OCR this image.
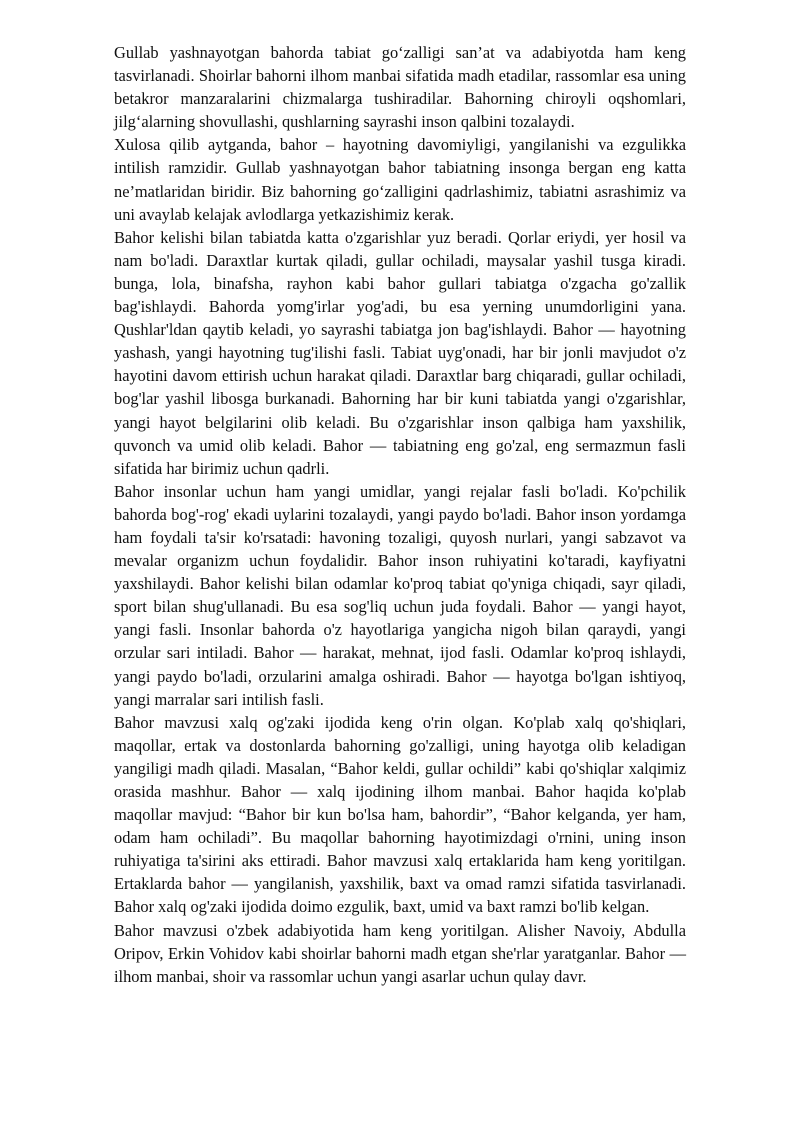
Gullab yashnayotgan bahorda tabiat go‘zalligi san’at va adabiyotda ham keng tasvirlanadi. Shoirlar bahorni ilhom manbai sifatida madh etadilar, rassomlar esa uning betakror manzaralarini chizmalarga tushiradilar. Bahorning chiroyli oqshomlari, jilg‘alarning shovullashi, qushlarning sayrashi inson qalbini tozalaydi.

Xulosa qilib aytganda, bahor – hayotning davomiyligi, yangilanishi va ezgulikka intilish ramzidir. Gullab yashnayotgan bahor tabiatning insonga bergan eng katta ne’matlaridan biridir. Biz bahorning go‘zalligini qadrlashimiz, tabiatni asrashimiz va uni avaylab kelajak avlodlarga yetkazishimiz kerak.

Bahor kelishi bilan tabiatda katta o'zgarishlar yuz beradi. Qorlar eriydi, yer hosil va nam bo'ladi. Daraxtlar kurtak qiladi, gullar ochiladi, maysalar yashil tusga kiradi. bunga, lola, binafsha, rayhon kabi bahor gullari tabiatga o'zgacha go'zallik bag'ishlaydi. Bahorda yomg'irlar yog'adi, bu esa yerning unumdorligini yana. Qushlar'ldan qaytib keladi, yo sayrashi tabiatga jon bag'ishlaydi. Bahor — hayotning yashash, yangi hayotning tug'ilishi fasli. Tabiat uyg'onadi, har bir jonli mavjudot o'z hayotini davom ettirish uchun harakat qiladi. Daraxtlar barg chiqaradi, gullar ochiladi, bog'lar yashil libosga burkanadi. Bahorning har bir kuni tabiatda yangi o'zgarishlar, yangi hayot belgilarini olib keladi. Bu o'zgarishlar inson qalbiga ham yaxshilik, quvonch va umid olib keladi. Bahor — tabiatning eng go'zal, eng sermazmun fasli sifatida har birimiz uchun qadrli.

Bahor insonlar uchun ham yangi umidlar, yangi rejalar fasli bo'ladi. Ko'pchilik bahorda bog'-rog' ekadi uylarini tozalaydi, yangi paydo bo'ladi. Bahor inson yordamga ham foydali ta'sir ko'rsatadi: havoning tozaligi, quyosh nurlari, yangi sabzavot va mevalar organizm uchun foydalidir. Bahor inson ruhiyatini ko'taradi, kayfiyatni yaxshilaydi. Bahor kelishi bilan odamlar ko'proq tabiat qo'yniga chiqadi, sayr qiladi, sport bilan shug'ullanadi. Bu esa sog'liq uchun juda foydali. Bahor — yangi hayot, yangi fasli. Insonlar bahorda o'z hayotlariga yangicha nigoh bilan qaraydi, yangi orzular sari intiladi. Bahor — harakat, mehnat, ijod fasli. Odamlar ko'proq ishlaydi, yangi paydo bo'ladi, orzularini amalga oshiradi. Bahor — hayotga bo'lgan ishtiyoq, yangi marralar sari intilish fasli.

Bahor mavzusi xalq og'zaki ijodida keng o'rin olgan. Ko'plab xalq qo'shiqlari, maqollar, ertak va dostonlarda bahorning go'zalligi, uning hayotga olib keladigan yangiligi madh qiladi. Masalan, “Bahor keldi, gullar ochildi” kabi qo'shiqlar xalqimiz orasida mashhur. Bahor — xalq ijodining ilhom manbai. Bahor haqida ko'plab maqollar mavjud: “Bahor bir kun bo'lsa ham, bahordir”, “Bahor kelganda, yer ham, odam ham ochiladi”. Bu maqollar bahorning hayotimizdagi o'rnini, uning inson ruhiyatiga ta'sirini aks ettiradi. Bahor mavzusi xalq ertaklarida ham keng yoritilgan. Ertaklarda bahor — yangilanish, yaxshilik, baxt va omad ramzi sifatida tasvirlanadi. Bahor xalq og'zaki ijodida doimo ezgulik, baxt, umid va baxt ramzi bo'lib kelgan.

Bahor mavzusi o'zbek adabiyotida ham keng yoritilgan. Alisher Navoiy, Abdulla Oripov, Erkin Vohidov kabi shoirlar bahorni madh etgan she'rlar yaratganlar. Bahor — ilhom manbai, shoir va rassomlar uchun yangi asarlar uchun qulay davr.
